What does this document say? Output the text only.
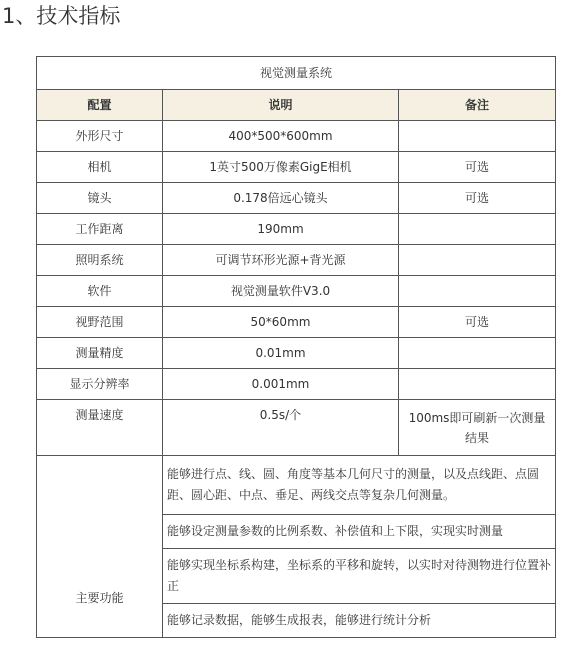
1、技术指标
视觉测量系统		
配置	说明	备注
外形尺寸	400*500*600mm	
相机	1英寸500万像素GigE相机	可选
镜头	0.178倍远心镜头	可选
工作距离	190mm	
照明系统	可调节环形光源+背光源	
软件	视觉测量软件V3.0	
视野范围	50*60mm	可选
测量精度	0.01mm	
显示分辨率	0.001mm	
测量速度	0.5s/个	100ms即可刷新一次测量结果
主要功能	能够进行点、线、圆、角度等基本几何尺寸的测量，以及点线距、点圆距、圆心距、中点、垂足、两线交点等复杂几何测量。	
	能够设定测量参数的比例系数、补偿值和上下限，实现实时测量	
	能够实现坐标系构建，坐标系的平移和旋转，以实时对待测物进行位置补正	
	能够记录数据，能够生成报表，能够进行统计分析	
